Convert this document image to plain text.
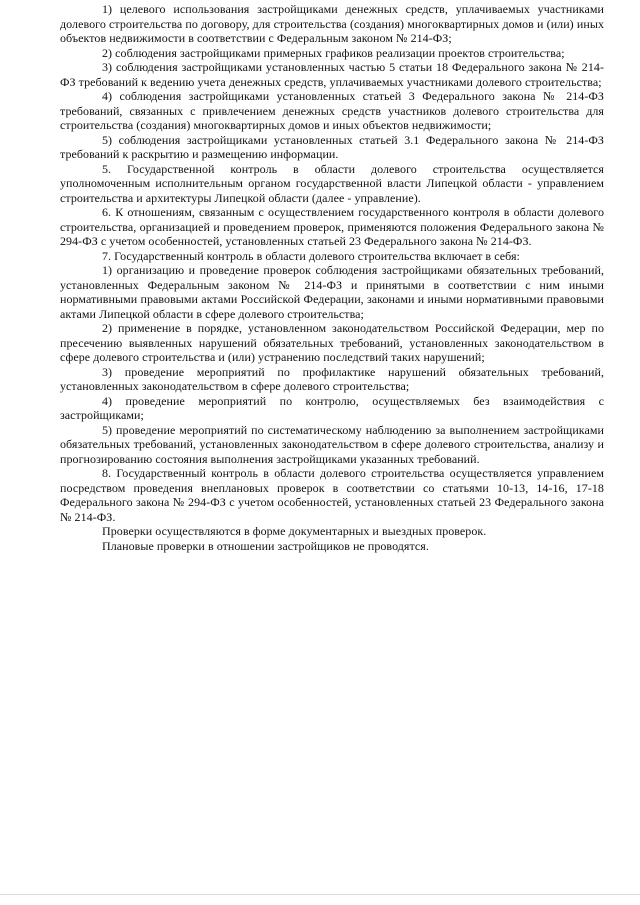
1) целевого использования застройщиками денежных средств, уплачиваемых участниками долевого строительства по договору, для строительства (создания) многоквартирных домов и (или) иных объектов недвижимости в соответствии с Федеральным законом № 214-ФЗ;

2) соблюдения застройщиками примерных графиков реализации проектов строительства;

3) соблюдения застройщиками установленных частью 5 статьи 18 Федерального закона № 214-ФЗ требований к ведению учета денежных средств, уплачиваемых участниками долевого строительства;

4) соблюдения застройщиками установленных статьей 3 Федерального закона № 214-ФЗ требований, связанных с привлечением денежных средств участников долевого строительства для строительства (создания) многоквартирных домов и иных объектов недвижимости;

5) соблюдения застройщиками установленных статьей 3.1 Федерального закона № 214-ФЗ требований к раскрытию и размещению информации.

5. Государственной контроль в области долевого строительства осуществляется уполномоченным исполнительным органом государственной власти Липецкой области - управлением строительства и архитектуры Липецкой области (далее - управление).

6. К отношениям, связанным с осуществлением государственного контроля в области долевого строительства, организацией и проведением проверок, применяются положения Федерального закона № 294-ФЗ с учетом особенностей, установленных статьей 23 Федерального закона № 214-ФЗ.

7. Государственный контроль в области долевого строительства включает в себя:

1) организацию и проведение проверок соблюдения застройщиками обязательных требований, установленных Федеральным законом № 214-ФЗ и принятыми в соответствии с ним иными нормативными правовыми актами Российской Федерации, законами и иными нормативными правовыми актами Липецкой области в сфере долевого строительства;

2) применение в порядке, установленном законодательством Российской Федерации, мер по пресечению выявленных нарушений обязательных требований, установленных законодательством в сфере долевого строительства и (или) устранению последствий таких нарушений;

3) проведение мероприятий по профилактике нарушений обязательных требований, установленных законодательством в сфере долевого строительства;

4) проведение мероприятий по контролю, осуществляемых без взаимодействия с застройщиками;

5) проведение мероприятий по систематическому наблюдению за выполнением застройщиками обязательных требований, установленных законодательством в сфере долевого строительства, анализу и прогнозированию состояния выполнения застройщиками указанных требований.

8. Государственный контроль в области долевого строительства осуществляется управлением посредством проведения внеплановых проверок в соответствии со статьями 10-13, 14-16, 17-18 Федерального закона № 294-ФЗ с учетом особенностей, установленных статьей 23 Федерального закона № 214-ФЗ.

Проверки осуществляются в форме документарных и выездных проверок.

Плановые проверки в отношении застройщиков не проводятся.
